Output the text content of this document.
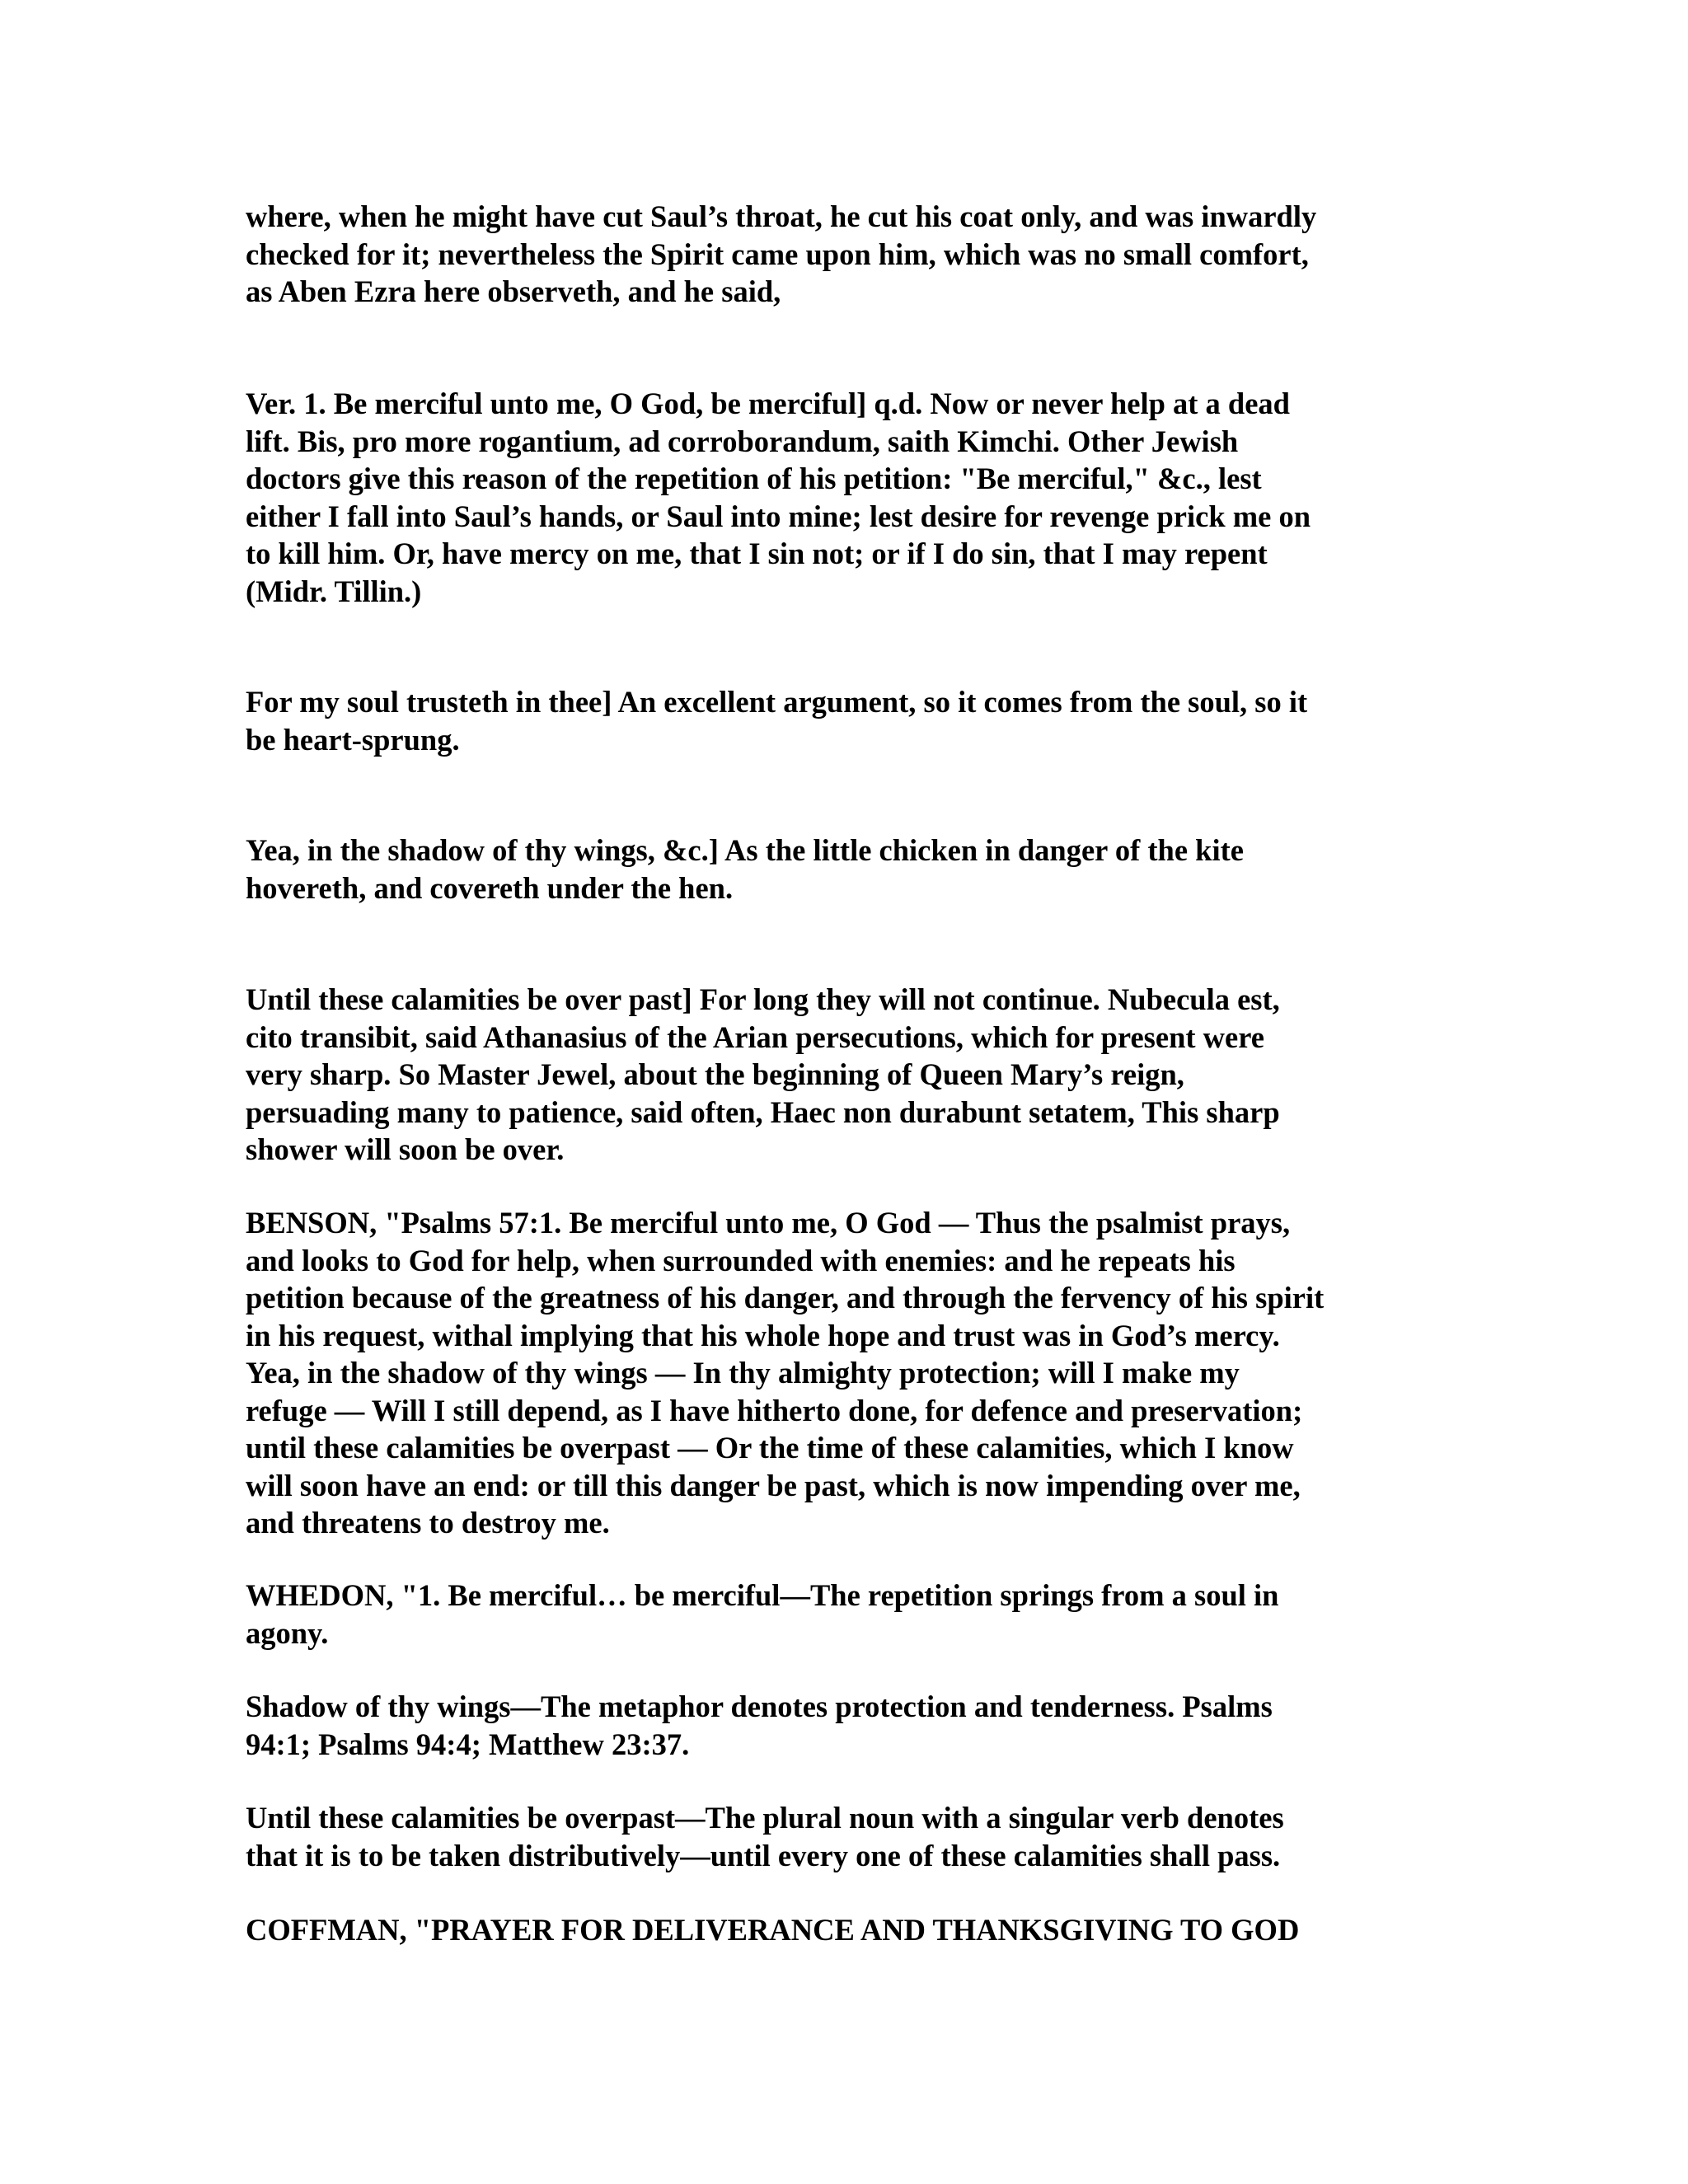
where, when he might have cut Saul’s throat, he cut his coat only, and was inwardly
checked for it; nevertheless the Spirit came upon him, which was no small comfort,
as Aben Ezra here observeth, and he said,

Ver. 1. Be merciful unto me, O God, be merciful] q.d. Now or never help at a dead
lift. Bis, pro more rogantium, ad corroborandum, saith Kimchi. Other Jewish
doctors give this reason of the repetition of his petition: "Be merciful," &c., lest
either I fall into Saul’s hands, or Saul into mine; lest desire for revenge prick me on
to kill him. Or, have mercy on me, that I sin not; or if I do sin, that I may repent
(Midr. Tillin.)

For my soul trusteth in thee] An excellent argument, so it comes from the soul, so it
be heart-sprung.

Yea, in the shadow of thy wings, &c.] As the little chicken in danger of the kite
hovereth, and covereth under the hen.

Until these calamities be over past] For long they will not continue. Nubecula est,
cito transibit, said Athanasius of the Arian persecutions, which for present were
very sharp. So Master Jewel, about the beginning of Queen Mary’s reign,
persuading many to patience, said often, Haec non durabunt setatem, This sharp
shower will soon be over.

BENSON, "Psalms 57:1. Be merciful unto me, O God — Thus the psalmist prays,
and looks to God for help, when surrounded with enemies: and he repeats his
petition because of the greatness of his danger, and through the fervency of his spirit
in his request, withal implying that his whole hope and trust was in God’s mercy.
Yea, in the shadow of thy wings — In thy almighty protection; will I make my
refuge — Will I still depend, as I have hitherto done, for defence and preservation;
until these calamities be overpast — Or the time of these calamities, which I know
will soon have an end: or till this danger be past, which is now impending over me,
and threatens to destroy me.

WHEDON, "1. Be merciful… be merciful—The repetition springs from a soul in
agony.

Shadow of thy wings—The metaphor denotes protection and tenderness. Psalms
94:1; Psalms 94:4; Matthew 23:37.

Until these calamities be overpast—The plural noun with a singular verb denotes
that it is to be taken distributively—until every one of these calamities shall pass.

COFFMAN, "PRAYER FOR DELIVERANCE AND THANKSGIVING TO GOD
